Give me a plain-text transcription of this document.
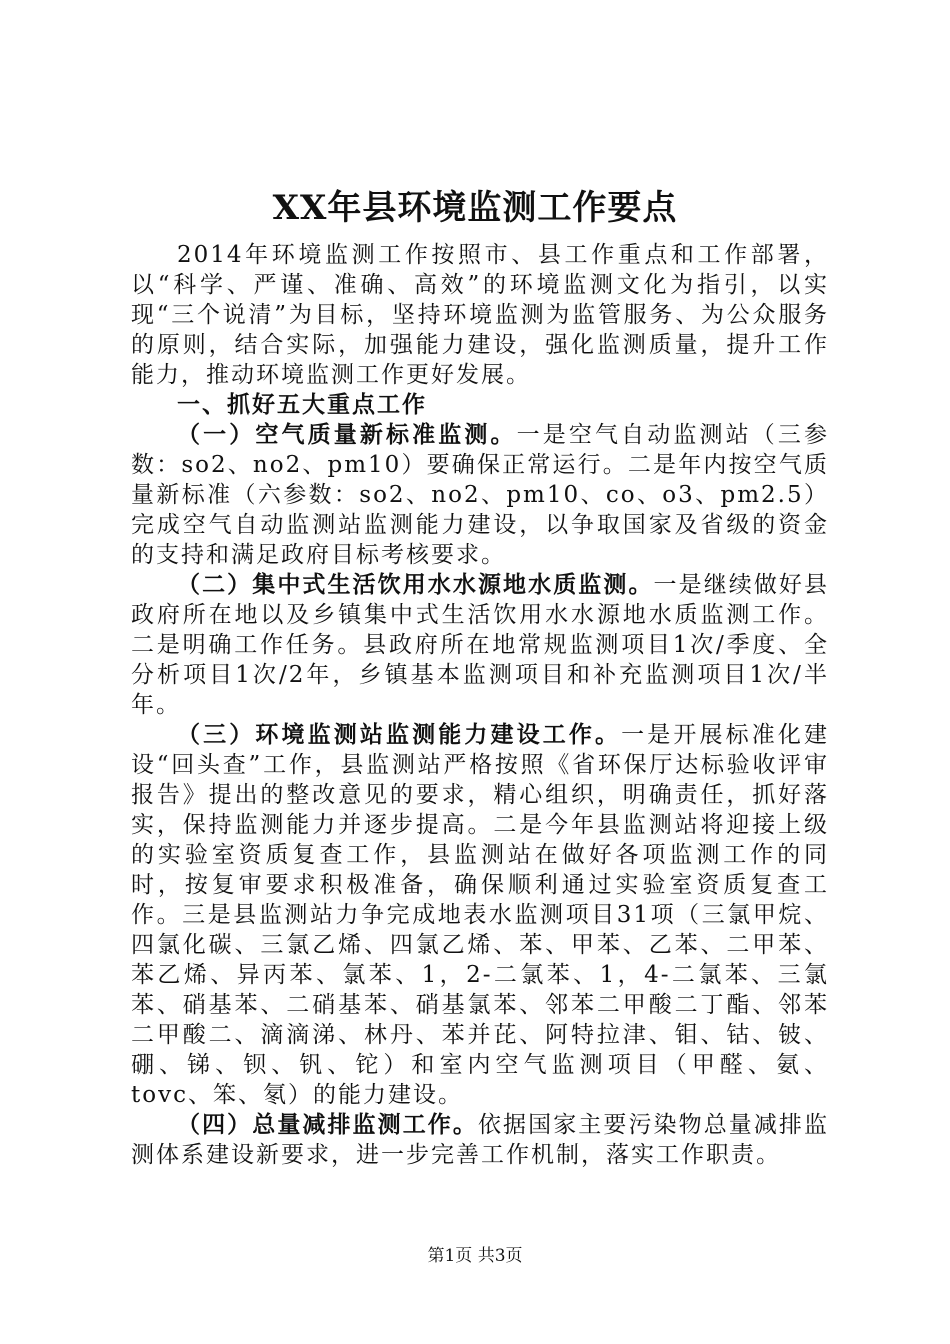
XX年县环境监测工作要点

2014年环境监测工作按照市、县工作重点和工作部署，以“科学、严谨、准确、高效”的环境监测文化为指引，以实现“三个说清”为目标，坚持环境监测为监管服务、为公众服务的原则，结合实际，加强能力建设，强化监测质量，提升工作能力，推动环境监测工作更好发展。

一、抓好五大重点工作

（一）空气质量新标准监测。一是空气自动监测站（三参数：so2、no2、pm10）要确保正常运行。二是年内按空气质量新标准（六参数：so2、no2、pm10、co、o3、pm2.5）完成空气自动监测站监测能力建设，以争取国家及省级的资金的支持和满足政府目标考核要求。

（二）集中式生活饮用水水源地水质监测。一是继续做好县政府所在地以及乡镇集中式生活饮用水水源地水质监测工作。二是明确工作任务。县政府所在地常规监测项目1次/季度、全分析项目1次/2年，乡镇基本监测项目和补充监测项目1次/半年。

（三）环境监测站监测能力建设工作。一是开展标准化建设“回头查”工作，县监测站严格按照《省环保厅达标验收评审报告》提出的整改意见的要求，精心组织，明确责任，抓好落实，保持监测能力并逐步提高。二是今年县监测站将迎接上级的实验室资质复查工作，县监测站在做好各项监测工作的同时，按复审要求积极准备，确保顺利通过实验室资质复查工作。三是县监测站力争完成地表水监测项目31项（三氯甲烷、四氯化碳、三氯乙烯、四氯乙烯、苯、甲苯、乙苯、二甲苯、苯乙烯、异丙苯、氯苯、1，2-二氯苯、1，4-二氯苯、三氯苯、硝基苯、二硝基苯、硝基氯苯、邻苯二甲酸二丁酯、邻苯二甲酸二、滴滴涕、林丹、苯并芘、阿特拉津、钼、钴、铍、硼、锑、钡、钒、铊）和室内空气监测项目（甲醛、氨、tovc、笨、氡）的能力建设。

（四）总量减排监测工作。依据国家主要污染物总量减排监测体系建设新要求，进一步完善工作机制，落实工作职责。

第1页 共3页
